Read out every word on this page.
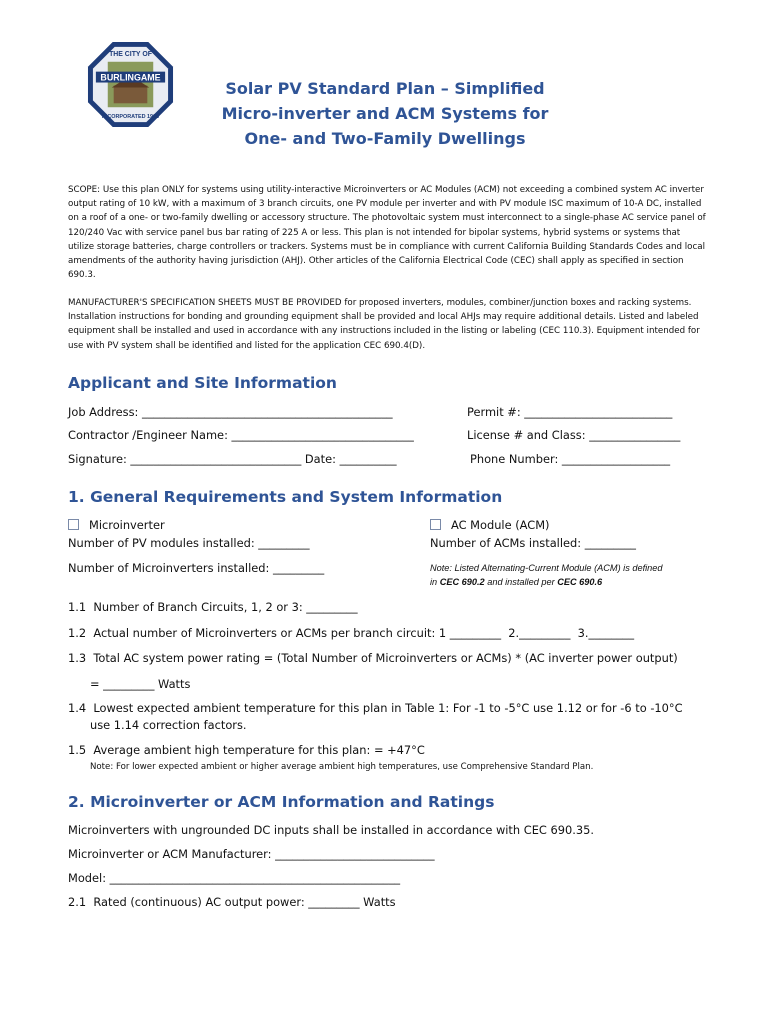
BURLINGAME
THE CITY OF
INCORPORATED 1908
Solar PV Standard Plan – Simplified
Micro-inverter and ACM Systems for
One- and Two-Family Dwellings
SCOPE: Use this plan ONLY for systems using utility-interactive Microinverters or AC Modules (ACM) not exceeding a combined system AC inverter output rating of 10 kW, with a maximum of 3 branch circuits, one PV module per inverter and with PV module ISC maximum of 10-A DC, installed on a roof of a one- or two-family dwelling or accessory structure. The photovoltaic system must interconnect to a single-phase AC service panel of 120/240 Vac with service panel bus bar rating of 225 A or less. This plan is not intended for bipolar systems, hybrid systems or systems that utilize storage batteries, charge controllers or trackers. Systems must be in compliance with current California Building Standards Codes and local amendments of the authority having jurisdiction (AHJ). Other articles of the California Electrical Code (CEC) shall apply as specified in section 690.3.
MANUFACTURER'S SPECIFICATION SHEETS MUST BE PROVIDED for proposed inverters, modules, combiner/junction boxes and racking systems. Installation instructions for bonding and grounding equipment shall be provided and local AHJs may require additional details. Listed and labeled equipment shall be installed and used in accordance with any instructions included in the listing or labeling (CEC 110.3). Equipment intended for use with PV system shall be identified and listed for the application CEC 690.4(D).
Applicant and Site Information
Job Address: ____________________________________________	Permit #: __________________________
Contractor /Engineer Name: ________________________________	License # and Class: ________________
Signature: ______________________________ Date: __________	Phone Number: ___________________
1. General Requirements and System Information
Microinverter
Number of PV modules installed: _________
Number of Microinverters installed: _________
AC Module (ACM)
Number of ACMs installed: _________
Note: Listed Alternating-Current Module (ACM) is defined
in CEC 690.2 and installed per CEC 690.6
1.1  Number of Branch Circuits, 1, 2 or 3: _________
1.2  Actual number of Microinverters or ACMs per branch circuit: 1 _________  2._________  3.________
1.3  Total AC system power rating = (Total Number of Microinverters or ACMs) * (AC inverter power output)
= _________ Watts
1.4  Lowest expected ambient temperature for this plan in Table 1: For -1 to -5°C use 1.12 or for -6 to -10°C
use 1.14 correction factors.
1.5  Average ambient high temperature for this plan: = +47°C
Note: For lower expected ambient or higher average ambient high temperatures, use Comprehensive Standard Plan.
2. Microinverter or ACM Information and Ratings
Microinverters with ungrounded DC inputs shall be installed in accordance with CEC 690.35.
Microinverter or ACM Manufacturer: ____________________________
Model: ___________________________________________________
2.1  Rated (continuous) AC output power: _________ Watts
